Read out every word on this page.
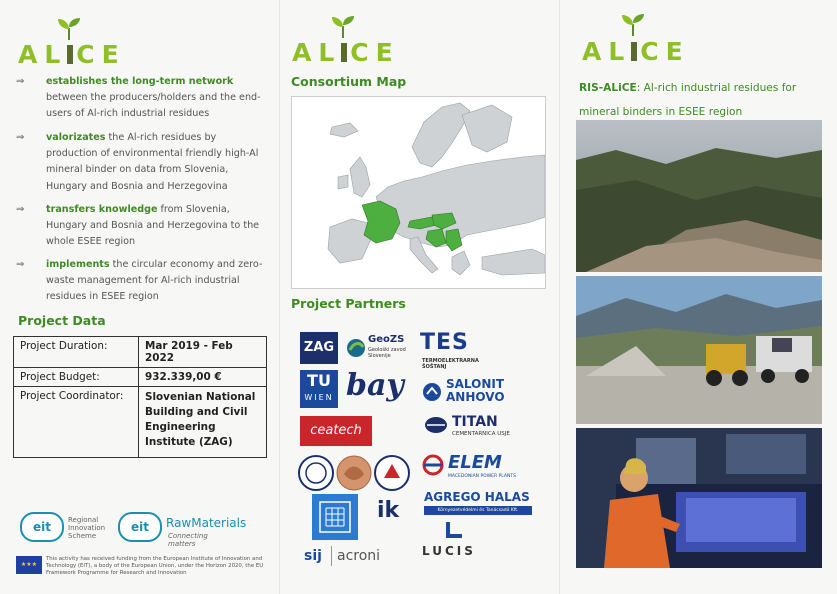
AL CE
⇒ establishes the long-term network between the producers/holders and the end-users of Al-rich industrial residues
⇒ valorizates the Al-rich residues by production of environmental friendly high-Al mineral binder on data from Slovenia, Hungary and Bosnia and Herzegovina
⇒ transfers knowledge from Slovenia, Hungary and Bosnia and Herzegovina to the whole ESEE region
⇒ implements the circular economy and zero-waste management for Al-rich industrial residues in ESEE region
Project Data
Project Duration:	Mar 2019 - Feb 2022
Project Budget:	932.339,00 €
Project Coordinator:	Slovenian National Building and Civil Engineering Institute (ZAG)
eit	Regional Innovation Scheme
eit	RawMaterials
Connecting matters
★★★
This activity has received funding from the European Institute of Innovation and Technology (EIT), a body of the European Union, under the Horizon 2020, the EU Framework Programme for Research and Innovation
AL CE
Consortium Map
Project Partners
ZAG
GeoZS
Geološki zavod Slovenije
TES
TERMOELEKTRARNA ŠOŠTANJ
TU
WIEN bay	SALONIT
ANHOVO
ceatech
TITAN
CEMENTARNICA USJE
ELEM
MACEDONIAN POWER PLANTS
ik
AGREGO HALAS
Környezetvédelmi és Tanácsadó Kft.
LUCIS
sij acroni
AL CE
RIS-ALiCE: Al-rich industrial residues for mineral binders in ESEE region
